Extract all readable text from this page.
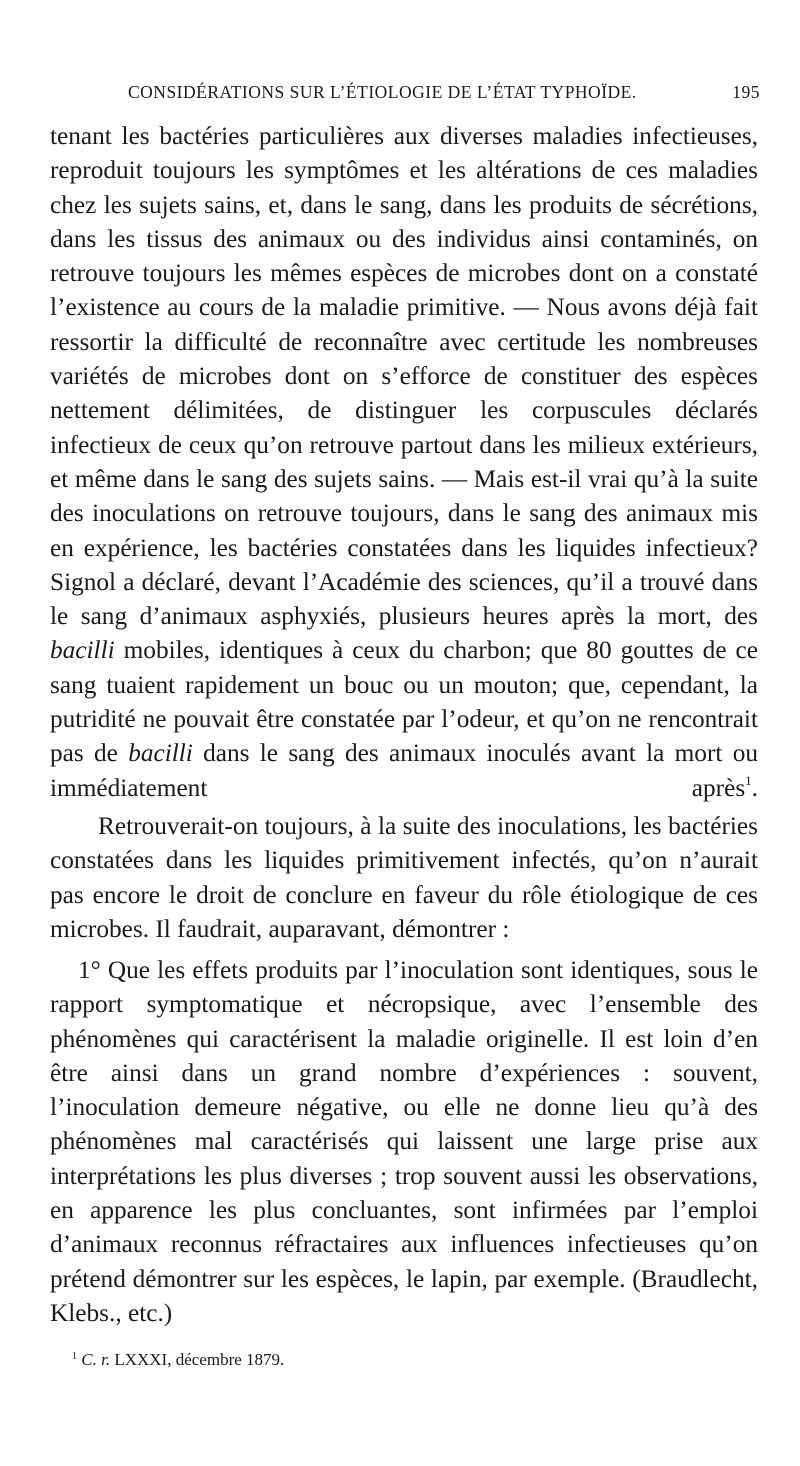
CONSIDÉRATIONS SUR L’ÉTIOLOGIE DE L’ÉTAT TYPHOÏDE.	195
tenant les bactéries particulières aux diverses maladies infectieuses, reproduit toujours les symptômes et les altérations de ces maladies chez les sujets sains, et, dans le sang, dans les produits de sécrétions, dans les tissus des animaux ou des individus ainsi contaminés, on retrouve toujours les mêmes espèces de microbes dont on a constaté l’existence au cours de la maladie primitive. — Nous avons déjà fait ressortir la difficulté de reconnaître avec certitude les nombreuses variétés de microbes dont on s’efforce de constituer des espèces nettement délimitées, de distinguer les corpuscules déclarés infectieux de ceux qu’on retrouve partout dans les milieux extérieurs, et même dans le sang des sujets sains. — Mais est-il vrai qu’à la suite des inoculations on retrouve toujours, dans le sang des animaux mis en expérience, les bactéries constatées dans les liquides infectieux? Signol a déclaré, devant l’Académie des sciences, qu’il a trouvé dans le sang d’animaux asphyxiés, plusieurs heures après la mort, des bacilli mobiles, identiques à ceux du charbon; que 80 gouttes de ce sang tuaient rapidement un bouc ou un mouton; que, cependant, la putridité ne pouvait être constatée par l’odeur, et qu’on ne rencontrait pas de bacilli dans le sang des animaux inoculés avant la mort ou immédiatement après$^1$.
Retrouverait-on toujours, à la suite des inoculations, les bactéries constatées dans les liquides primitivement infectés, qu’on n’aurait pas encore le droit de conclure en faveur du rôle étiologique de ces microbes. Il faudrait, auparavant, démontrer :
1° Que les effets produits par l’inoculation sont identiques, sous le rapport symptomatique et nécropsique, avec l’ensemble des phénomènes qui caractérisent la maladie originelle. Il est loin d’en être ainsi dans un grand nombre d’expériences : souvent, l’inoculation demeure négative, ou elle ne donne lieu qu’à des phénomènes mal caractérisés qui laissent une large prise aux interprétations les plus diverses ; trop souvent aussi les observations, en apparence les plus concluantes, sont infirmées par l’emploi d’animaux reconnus réfractaires aux influences infectieuses qu’on prétend démontrer sur les espèces, le lapin, par exemple. (Braudlecht, Klebs., etc.)
$^1$ C. r. LXXXI, décembre 1879.
